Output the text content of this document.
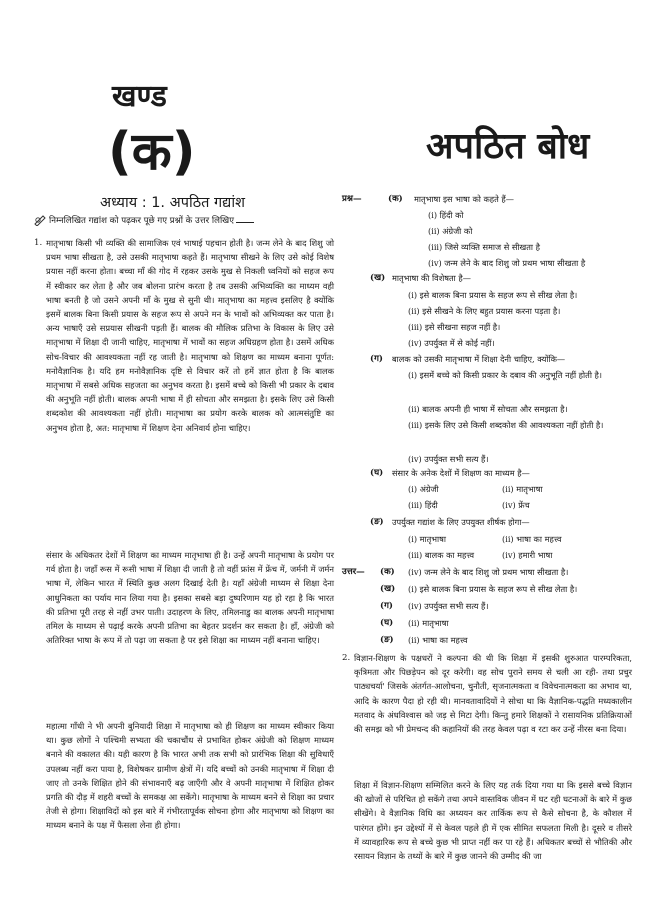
खण्ड
(क)	अपठित बोध
अध्याय : 1. अपठित गद्यांश
निम्नलिखित गद्यांश को पढ़कर पूछे गए प्रश्नों के उत्तर लिखिए
1. मातृभाषा किसी भी व्यक्ति की सामाजिक एवं भाषाई पहचान होती है। जन्म लेने के बाद शिशु जो प्रथम भाषा सीखता है, उसे उसकी मातृभाषा कहते हैं। मातृभाषा सीखने के लिए उसे कोई विशेष प्रयास नहीं करना होता। बच्चा माँ की गोद में रहकर उसके मुख से निकली ध्वनियों को सहज रूप में स्वीकार कर लेता है और जब बोलना प्रारंभ करता है तब उसकी अभिव्यक्ति का माध्यम वही भाषा बनती है जो उसने अपनी माँ के मुख से सुनी थी। मातृभाषा का महत्त्व इसलिए है क्योंकि इसमें बालक बिना किसी प्रयास के सहज रूप से अपने मन के भावों को अभिव्यक्त कर पाता है। अन्य भाषाएँ उसे सप्रयास सीखनी पड़ती हैं। बालक की मौलिक प्रतिभा के विकास के लिए उसे मातृभाषा में शिक्षा दी जानी चाहिए, मातृभाषा में भावों का सहज अधिग्रहण होता है। उसमें अधिक सोच-विचार की आवश्यकता नहीं रह जाती है। मातृभाषा को शिक्षण का माध्यम बनाना पूर्णत: मनोवैज्ञानिक है। यदि हम मनोवैज्ञानिक दृष्टि से विचार करें तो हमें ज्ञात होता है कि बालक मातृभाषा में सबसे अधिक सहजता का अनुभव करता है। इसमें बच्चे को किसी भी प्रकार के दबाव की अनुभूति नहीं होती। बालक अपनी भाषा में ही सोचता और समझता है। इसके लिए उसे किसी शब्दकोश की आवश्यकता नहीं होती। मातृभाषा का प्रयोग करके बालक को आत्मसंतुष्टि का अनुभव होता है, अत: मातृभाषा में शिक्षण देना अनिवार्य होना चाहिए।
संसार के अधिकतर देशों में शिक्षण का माध्यम मातृभाषा ही है। उन्हें अपनी मातृभाषा के प्रयोग पर गर्व होता है। जहाँ रूस में रूसी भाषा में शिक्षा दी जाती है तो वहीं फ्रांस में फ्रेंच में, जर्मनी में जर्मन भाषा में, लेकिन भारत में स्थिति कुछ अलग दिखाई देती है। यहाँ अंग्रेजी माध्यम से शिक्षा देना आधुनिकता का पर्याय मान लिया गया है। इसका सबसे बड़ा दुष्परिणाम यह हो रहा है कि भारत की प्रतिभा पूरी तरह से नहीं उभर पाती। उदाहरण के लिए, तमिलनाडु का बालक अपनी मातृभाषा तमिल के माध्यम से पढ़ाई करके अपनी प्रतिभा का बेहतर प्रदर्शन कर सकता है। हाँ, अंग्रेजी को अतिरिक्त भाषा के रूप में तो पढ़ा जा सकता है पर इसे शिक्षा का माध्यम नहीं बनाना चाहिए।
महात्मा गाँधी ने भी अपनी बुनियादी शिक्षा में मातृभाषा को ही शिक्षण का माध्यम स्वीकार किया था। कुछ लोगों ने पश्चिमी सभ्यता की चकाचौंध से प्रभावित होकर अंग्रेजी को शिक्षण माध्यम बनाने की वकालत की। यही कारण है कि भारत अभी तक सभी को प्रारंभिक शिक्षा की सुविधाएँ उपलब्ध नहीं करा पाया है, विशेषकर ग्रामीण क्षेत्रों में। यदि बच्चों को उनकी मातृभाषा में शिक्षा दी जाए तो उनके शिक्षित होने की संभावनाएँ बढ़ जाएँगी और वे अपनी मातृभाषा में शिक्षित होकर प्रगति की दौड़ में शहरी बच्चों के समकक्ष आ सकेंगे। मातृभाषा के माध्यम बनने से शिक्षा का प्रचार तेजी से होगा। शिक्षाविदों को इस बारे में गंभीरतापूर्वक सोचना होगा और मातृभाषा को शिक्षण का माध्यम बनाने के पक्ष में फैसला लेना ही होगा।
प्रश्न—	(क) मातृभाषा इस भाषा को कहते हैं—
(i) हिंदी को
(ii) अंग्रेजी को
(iii) जिसे व्यक्ति समाज से सीखता है
(iv) जन्म लेने के बाद शिशु जो प्रथम भाषा सीखता है
(ख) मातृभाषा की विशेषता है—
(i) इसे बालक बिना प्रयास के सहज रूप से सीख लेता है।
(ii) इसे सीखने के लिए बहुत प्रयास करना पड़ता है।
(iii) इसे सीखना सहज नहीं है।
(iv) उपर्युक्त में से कोई नहीं।
(ग) बालक को उसकी मातृभाषा में शिक्षा देनी चाहिए, क्योंकि—
(i) इसमें बच्चे को किसी प्रकार के दबाव की अनुभूति नहीं होती है।
(ii) बालक अपनी ही भाषा में सोचता और समझता है।
(iii) इसके लिए उसे किसी शब्दकोश की आवश्यकता नहीं होती है।
(iv) उपर्युक्त सभी सत्य हैं।
(घ) संसार के अनेक देशों में शिक्षण का माध्यम है—
(i) अंग्रेजी	(ii) मातृभाषा
(iii) हिंदी	(iv) फ्रेंच
(ङ) उपर्युक्त गद्यांश के लिए उपयुक्त शीर्षक होगा—
(i) मातृभाषा	(ii) भाषा का महत्त्व
(iii) बालक का महत्त्व	(iv) हमारी भाषा
उत्तर— (क) (iv) जन्म लेने के बाद शिशु जो प्रथम भाषा सीखता है।
(ख) (i) इसे बालक बिना प्रयास के सहज रूप से सीख लेता है।
(ग) (iv) उपर्युक्त सभी सत्य हैं।
(घ) (ii) मातृभाषा
(ङ) (ii) भाषा का महत्त्व
2. विज्ञान-शिक्षण के पक्षधरों ने कल्पना की थी कि शिक्षा में इसकी शुरुआत पारम्परिकता, कृत्रिमता और पिछड़ेपन को दूर करेगी। वह सोच पुराने समय से चली आ रही- तथा प्रचुर पाठ्यचर्या' जिसके अंतर्गत-आलोचना, चुनौती, सृजनात्मकता व विवेचनात्मकता का अभाव था, आदि के कारण पैदा हो रही थी। मानवतावादियों ने सोचा था कि वैज्ञानिक-पद्धति मध्यकालीन मतवाद के अंधविश्वास को जड़ से मिटा देगी। किन्तु हमारे शिक्षकों ने रासायनिक प्रतिक्रियाओं की समझ को भी प्रेमचन्द की कहानियों की तरह केवल पढ़ा व रटा कर उन्हें नीरस बना दिया।
शिक्षा में विज्ञान-शिक्षण सम्मिलित करने के लिए यह तर्क दिया गया था कि इससे बच्चे विज्ञान की खोजों से परिचित हो सकेंगे तथा अपने वास्तविक जीवन में घट रही घटनाओं के बारे में कुछ सीखेंगे। वे वैज्ञानिक विधि का अध्ययन कर तार्किक रूप से कैसे सोचना है, के कौशल में पारंगत होंगे। इन उद्देश्यों में से केवल पहले ही में एक सीमित सफलता मिली है। दूसरे व तीसरे में व्यावहारिक रूप से बच्चे कुछ भी प्राप्त नहीं कर पा रहे हैं। अधिकतर बच्चों से भौतिकी और रसायन विज्ञान के तथ्यों के बारे में कुछ जानने की उम्मीद की जा
